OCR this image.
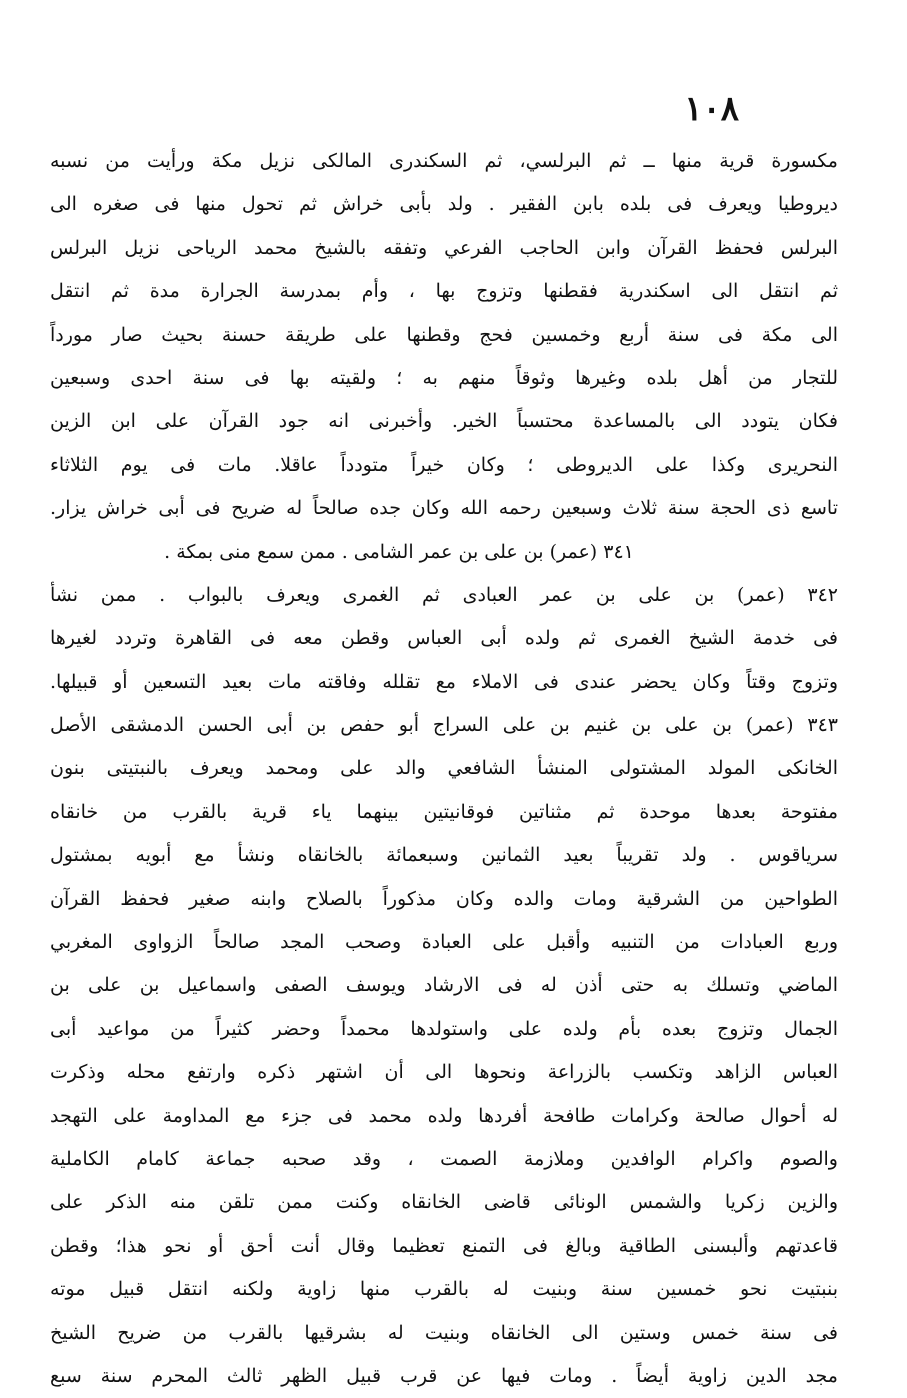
١٠٨
مكسورة قرية منها ــ ثم البرلسي، ثم السكندرى المالكى نزيل مكة ورأيت من نسبه
ديروطيا ويعرف فى بلده بابن الفقير . ولد بأبى خراش ثم تحول منها فى صغره الى
البرلس فحفظ القرآن وابن الحاجب الفرعي وتفقه بالشيخ محمد الرياحى نزيل البرلس
ثم انتقل الى اسكندرية فقطنها وتزوج بها ، وأم بمدرسة الجرارة مدة ثم انتقل
الى مكة فى سنة أربع وخمسين فحج وقطنها على طريقة حسنة بحيث صار مورداً
للتجار من أهل بلده وغيرها وثوقاً منهم به ؛ ولقيته بها فى سنة احدى وسبعين
فكان يتودد الى بالمساعدة محتسباً الخير. وأخبرنى انه جود القرآن على ابن الزين
النحريرى وكذا على الديروطى ؛ وكان خيراً متودداً عاقلا. مات فى يوم الثلاثاء
تاسع ذى الحجة سنة ثلاث وسبعين رحمه الله وكان جده صالحاً له ضريح فى أبى خراش يزار.
٣٤١ (عمر) بن على بن عمر الشامى . ممن سمع منى بمكة .
٣٤٢ (عمر) بن على بن عمر العبادى ثم الغمرى ويعرف بالبواب . ممن نشأ
فى خدمة الشيخ الغمرى ثم ولده أبى العباس وقطن معه فى القاهرة وتردد لغيرها
وتزوج وقتاً وكان يحضر عندى فى الاملاء مع تقلله وفاقته مات بعيد التسعين أو قبيلها.
٣٤٣ (عمر) بن على بن غنيم بن على السراج أبو حفص بن أبى الحسن الدمشقى الأصل
الخانكى المولد المشتولى المنشأ الشافعي والد على ومحمد ويعرف بالنبتيتى بنون
مفتوحة بعدها موحدة ثم مثناتين فوقانيتين بينهما ياء قرية بالقرب من خانقاه
سرياقوس . ولد تقريباً بعيد الثمانين وسبعمائة بالخانقاه ونشأ مع أبويه بمشتول
الطواحين من الشرقية ومات والده وكان مذكوراً بالصلاح وابنه صغير فحفظ القرآن
وربع العبادات من التنبيه وأقبل على العبادة وصحب المجد صالحاً الزواوى المغربي
الماضي وتسلك به حتى أذن له فى الارشاد ويوسف الصفى واسماعيل بن على بن
الجمال وتزوج بعده بأم ولده على واستولدها محمداً وحضر كثيراً من مواعيد أبى
العباس الزاهد وتكسب بالزراعة ونحوها الى أن اشتهر ذكره وارتفع محله وذكرت
له أحوال صالحة وكرامات طافحة أفردها ولده محمد فى جزء مع المداومة على التهجد
والصوم واكرام الوافدين وملازمة الصمت ، وقد صحبه جماعة كامام الكاملية
والزين زكريا والشمس الونائى قاضى الخانقاه وكنت ممن تلقن منه الذكر على
قاعدتهم وألبسنى الطاقية وبالغ فى التمنع تعظيما وقال أنت أحق أو نحو هذا؛ وقطن
بنبتيت نحو خمسين سنة وبنيت له بالقرب منها زاوية ولكنه انتقل قبيل موته
فى سنة خمس وستين الى الخانقاه وبنيت له بشرقيها بالقرب من ضريح الشيخ
مجد الدين زاوية أيضاً . ومات فيها عن قرب قبيل الظهر ثالث المحرم سنة سبع
